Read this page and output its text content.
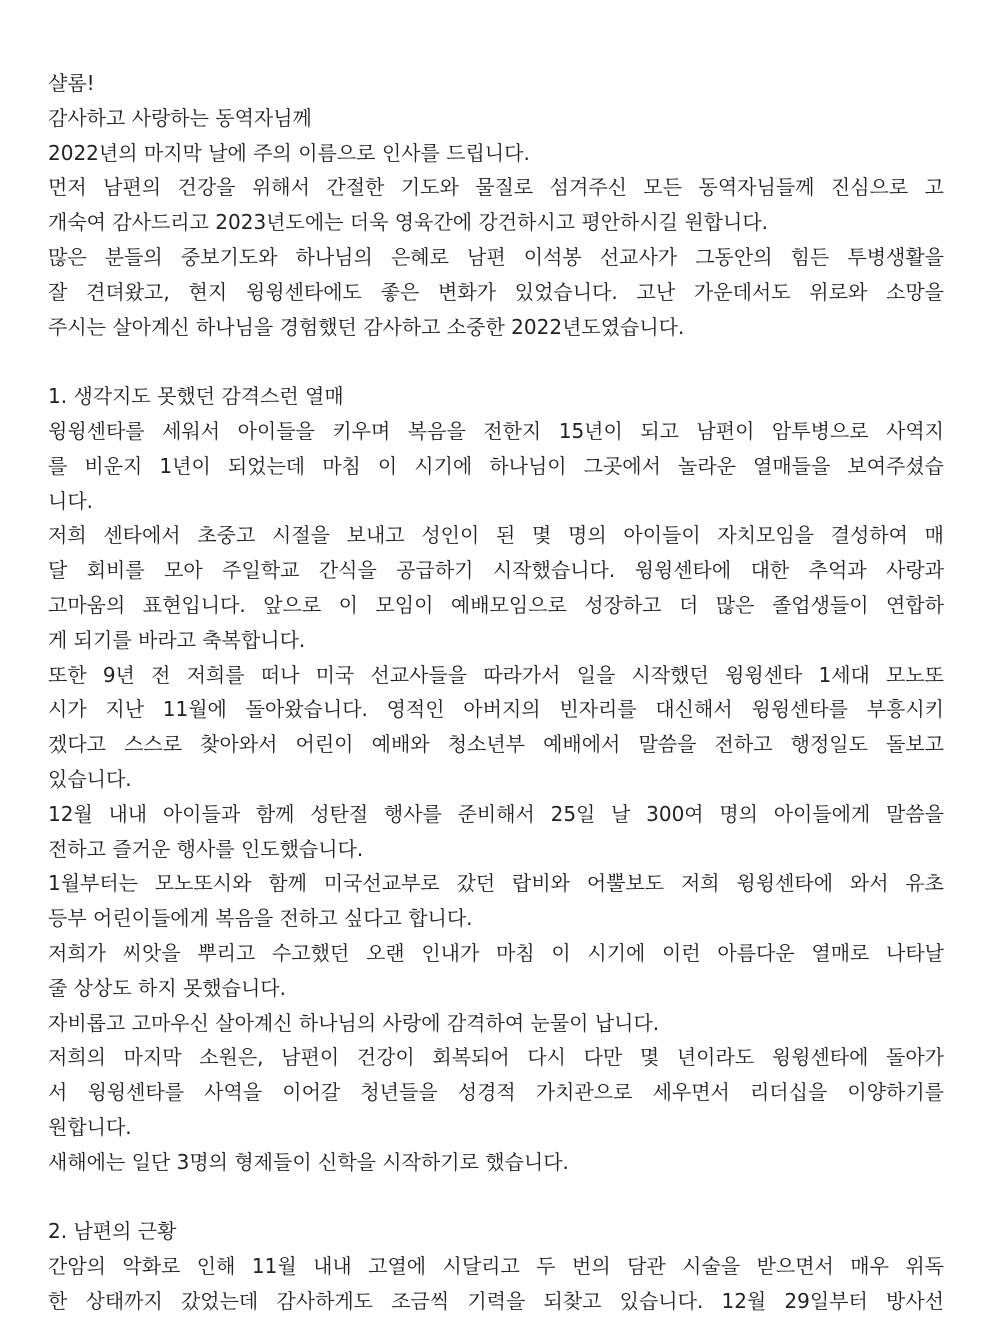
샬롬!
감사하고 사랑하는 동역자님께
2022년의 마지막 날에 주의 이름으로 인사를 드립니다.
먼저 남편의 건강을 위해서 간절한 기도와 물질로 섬겨주신 모든 동역자님들께 진심으로 고
개숙여 감사드리고 2023년도에는 더욱 영육간에 강건하시고 평안하시길 원합니다.
많은 분들의 중보기도와 하나님의 은혜로 남편 이석봉 선교사가 그동안의 힘든 투병생활을
잘 견뎌왔고, 현지 윙윙센타에도 좋은 변화가 있었습니다. 고난 가운데서도 위로와 소망을
주시는 살아계신 하나님을 경험했던 감사하고 소중한 2022년도였습니다.
1. 생각지도 못했던 감격스런 열매
윙윙센타를 세워서 아이들을 키우며 복음을 전한지 15년이 되고 남편이 암투병으로 사역지
를 비운지 1년이 되었는데 마침 이 시기에 하나님이 그곳에서 놀라운 열매들을 보여주셨습
니다.
저희 센타에서 초중고 시절을 보내고 성인이 된 몇 명의 아이들이 자치모임을 결성하여 매
달 회비를 모아 주일학교 간식을 공급하기 시작했습니다. 윙윙센타에 대한 추억과 사랑과
고마움의 표현입니다. 앞으로 이 모임이 예배모임으로 성장하고 더 많은 졸업생들이 연합하
게 되기를 바라고 축복합니다.
또한 9년 전 저희를 떠나 미국 선교사들을 따라가서 일을 시작했던 윙윙센타 1세대 모노또
시가 지난 11월에 돌아왔습니다. 영적인 아버지의 빈자리를 대신해서 윙윙센타를 부흥시키
겠다고 스스로 찾아와서 어린이 예배와 청소년부 예배에서 말씀을 전하고 행정일도 돌보고
있습니다.
12월 내내 아이들과 함께 성탄절 행사를 준비해서 25일 날 300여 명의 아이들에게 말씀을
전하고 즐거운 행사를 인도했습니다.
1월부터는 모노또시와 함께 미국선교부로 갔던 랍비와 어뿔보도 저희 윙윙센타에 와서 유초
등부 어린이들에게 복음을 전하고 싶다고 합니다.
저희가 씨앗을 뿌리고 수고했던 오랜 인내가 마침 이 시기에 이런 아름다운 열매로 나타날
줄 상상도 하지 못했습니다.
자비롭고 고마우신 살아계신 하나님의 사랑에 감격하여 눈물이 납니다.
저희의 마지막 소원은, 남편이 건강이 회복되어 다시 다만 몇 년이라도 윙윙센타에 돌아가
서 윙윙센타를 사역을 이어갈 청년들을 성경적 가치관으로 세우면서 리더십을 이양하기를
원합니다.
새해에는 일단 3명의 형제들이 신학을 시작하기로 했습니다.
2. 남편의 근황
간암의 악화로 인해 11월 내내 고열에 시달리고 두 번의 담관 시술을 받으면서 매우 위독
한 상태까지 갔었는데 감사하게도 조금씩 기력을 되찾고 있습니다. 12월 29일부터 방사선
